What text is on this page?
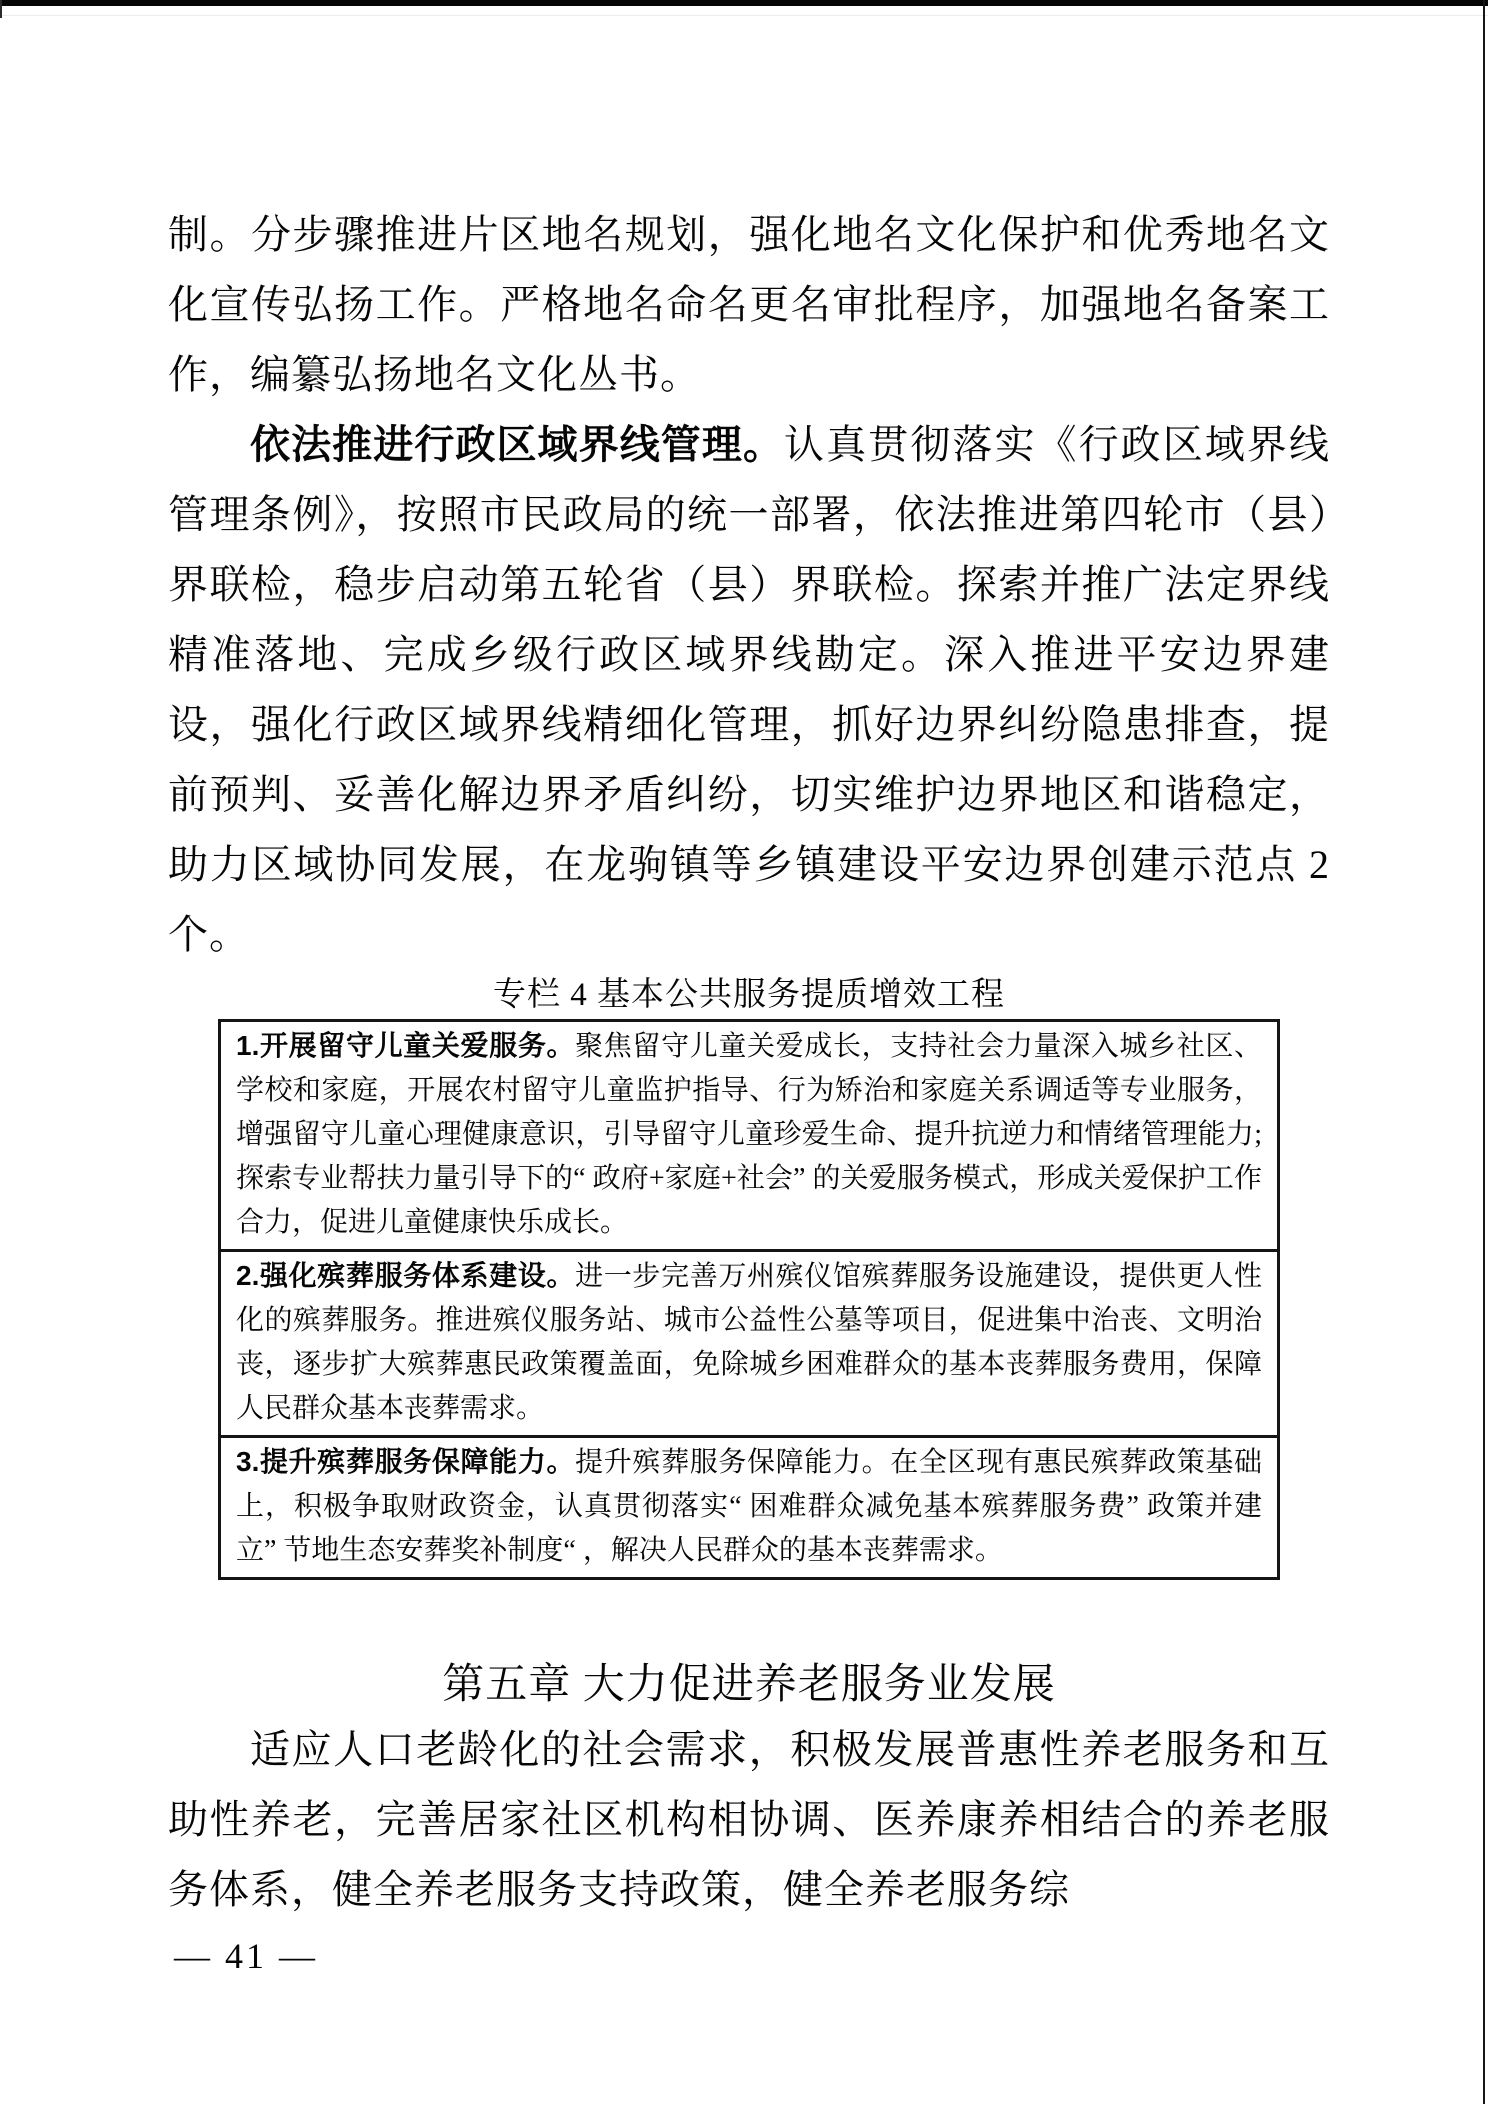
制。分步骤推进片区地名规划，强化地名文化保护和优秀地名文化宣传弘扬工作。严格地名命名更名审批程序，加强地名备案工作，编纂弘扬地名文化丛书。

依法推进行政区域界线管理。认真贯彻落实《行政区域界线管理条例》，按照市民政局的统一部署，依法推进第四轮市（县）界联检，稳步启动第五轮省（县）界联检。探索并推广法定界线精准落地、完成乡级行政区域界线勘定。深入推进平安边界建设，强化行政区域界线精细化管理，抓好边界纠纷隐患排查，提前预判、妥善化解边界矛盾纠纷，切实维护边界地区和谐稳定，助力区域协同发展，在龙驹镇等乡镇建设平安边界创建示范点 2 个。

专栏 4 基本公共服务提质增效工程

1.开展留守儿童关爱服务。聚焦留守儿童关爱成长，支持社会力量深入城乡社区、学校和家庭，开展农村留守儿童监护指导、行为矫治和家庭关系调适等专业服务，增强留守儿童心理健康意识，引导留守儿童珍爱生命、提升抗逆力和情绪管理能力;探索专业帮扶力量引导下的“ 政府+家庭+社会” 的关爱服务模式，形成关爱保护工作合力，促进儿童健康快乐成长。
2.强化殡葬服务体系建设。进一步完善万州殡仪馆殡葬服务设施建设，提供更人性化的殡葬服务。推进殡仪服务站、城市公益性公墓等项目，促进集中治丧、文明治丧，逐步扩大殡葬惠民政策覆盖面，免除城乡困难群众的基本丧葬服务费用，保障人民群众基本丧葬需求。
3.提升殡葬服务保障能力。提升殡葬服务保障能力。在全区现有惠民殡葬政策基础上，积极争取财政资金，认真贯彻落实“ 困难群众减免基本殡葬服务费” 政策并建立” 节地生态安葬奖补制度“ ，解决人民群众的基本丧葬需求。

第五章 大力促进养老服务业发展

适应人口老龄化的社会需求，积极发展普惠性养老服务和互助性养老，完善居家社区机构相协调、医养康养相结合的养老服务体系，健全养老服务支持政策，健全养老服务综

— 41 —
